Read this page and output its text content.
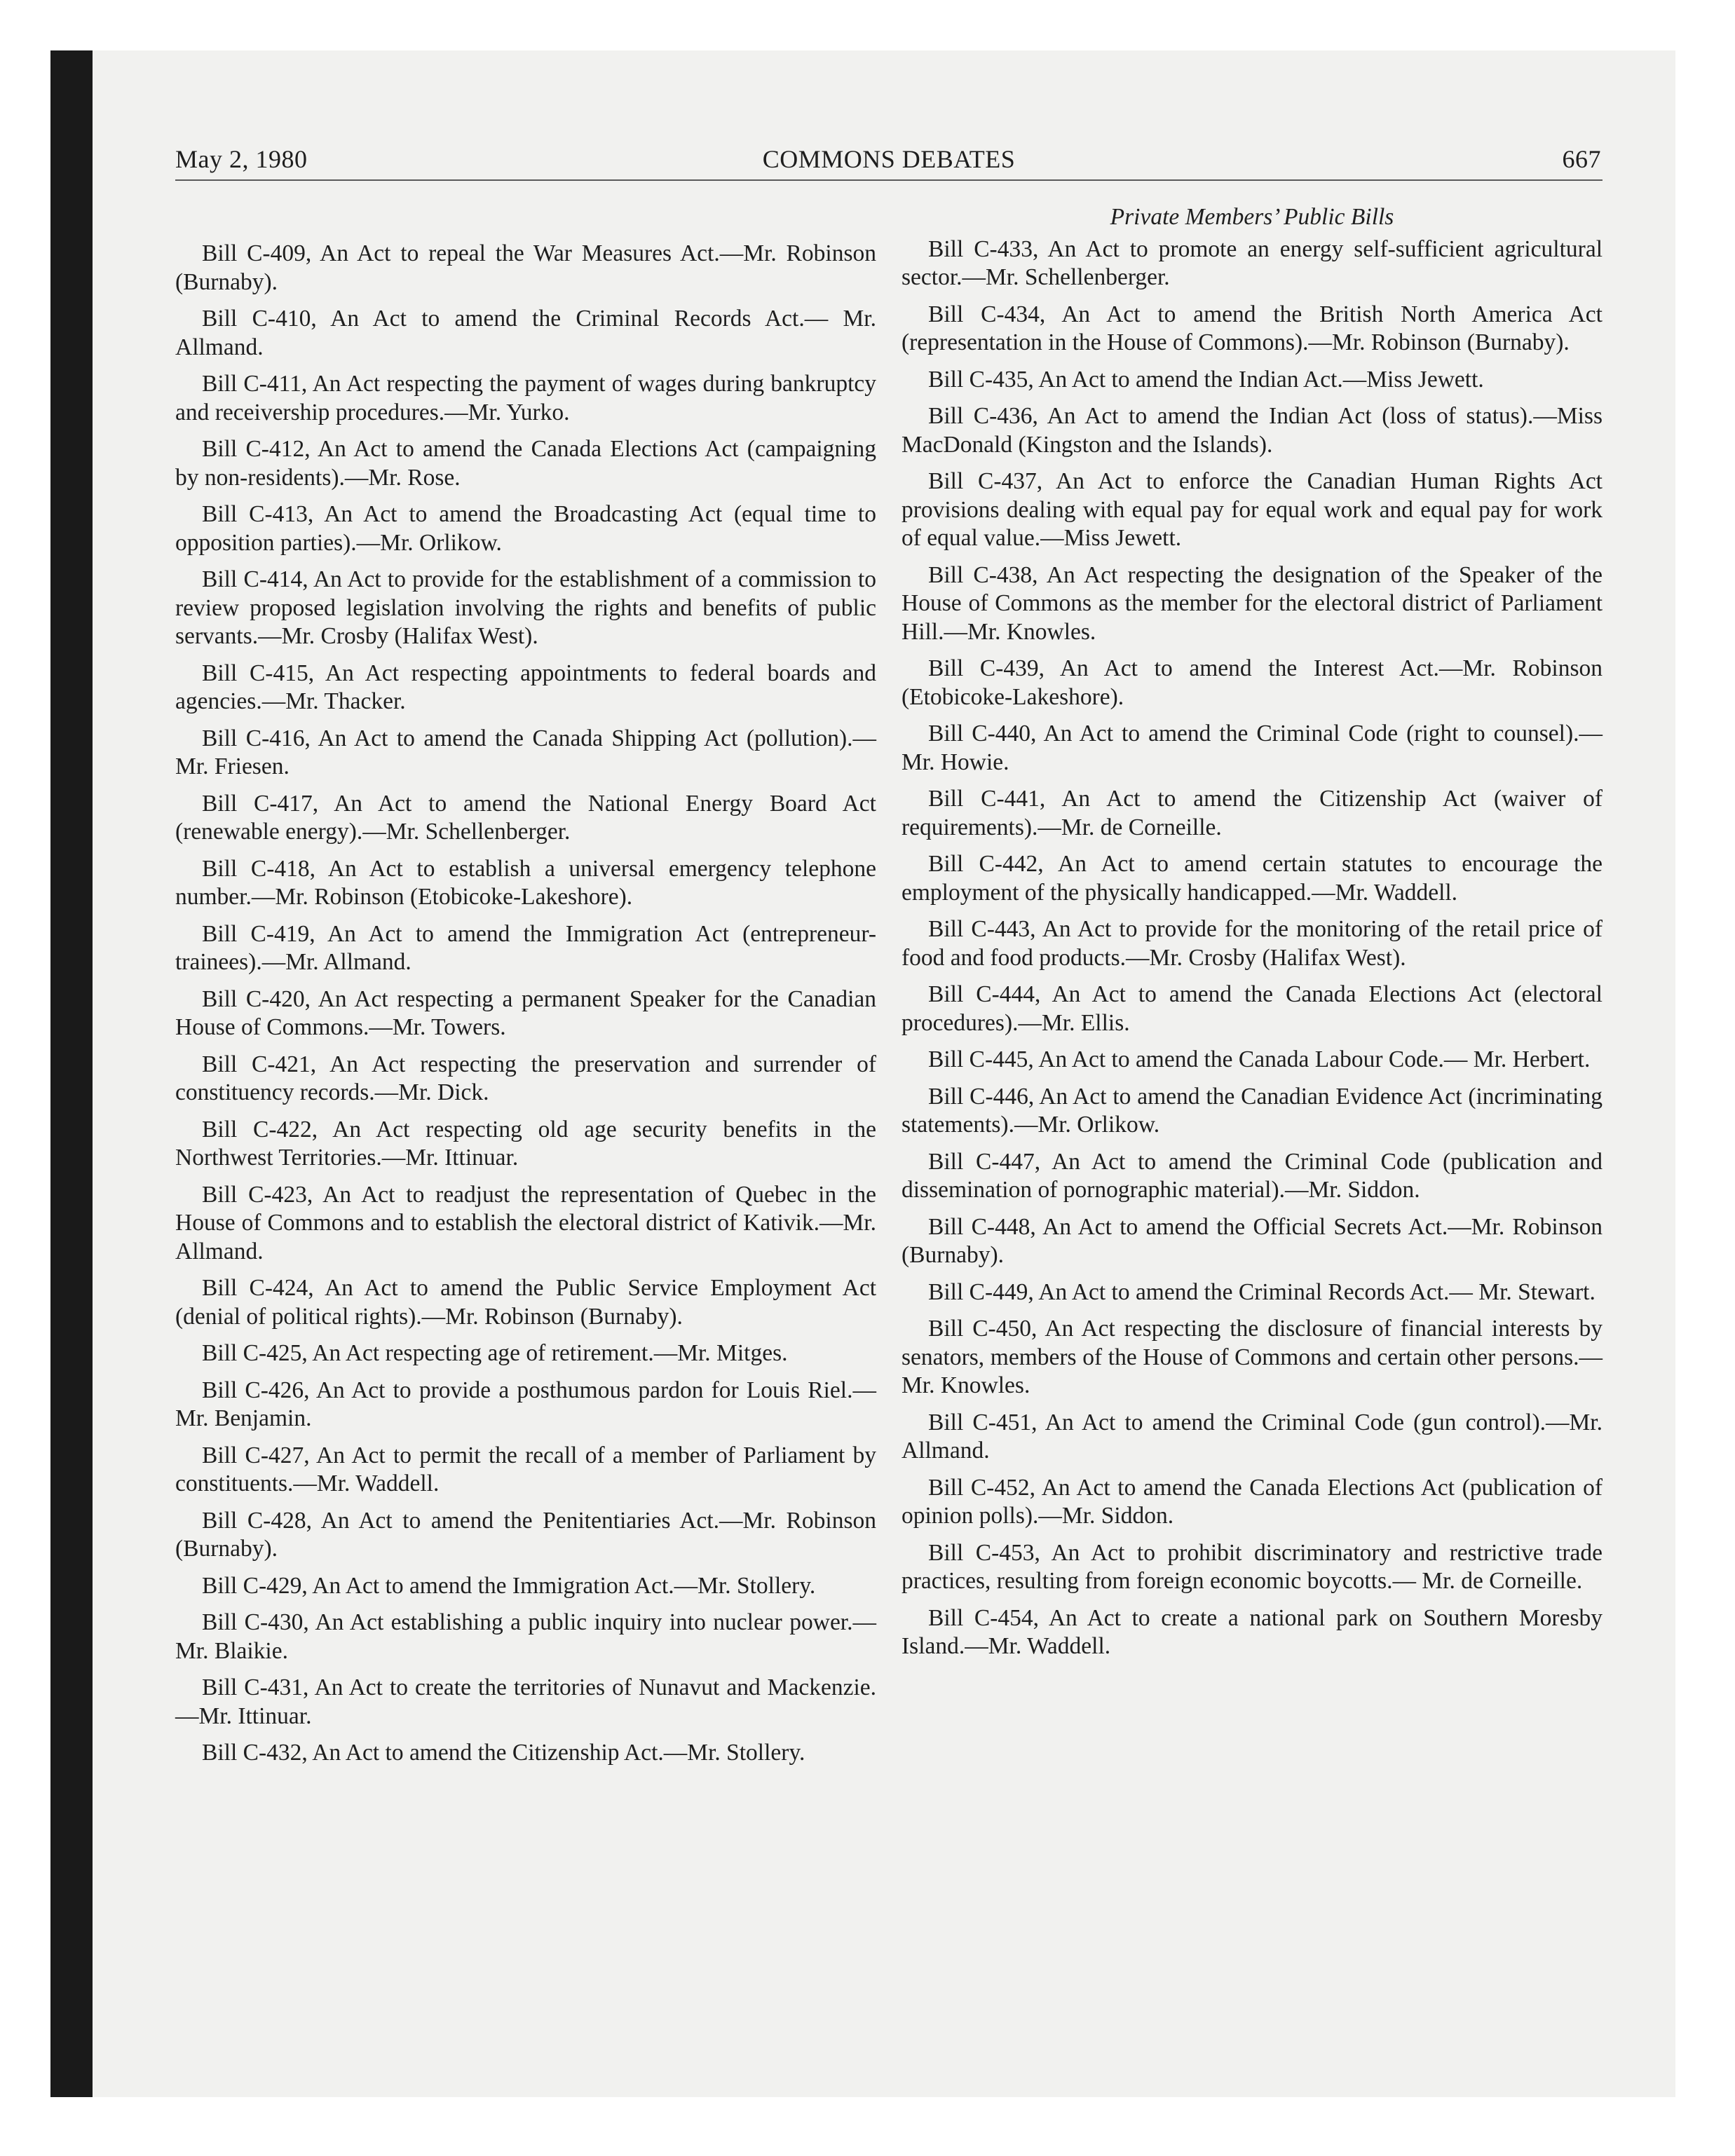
May 2, 1980	COMMONS DEBATES	667

Bill C-409, An Act to repeal the War Measures Act.—Mr. Robinson (Burnaby).

Bill C-410, An Act to amend the Criminal Records Act.— Mr. Allmand.

Bill C-411, An Act respecting the payment of wages during bankruptcy and receivership procedures.—Mr. Yurko.

Bill C-412, An Act to amend the Canada Elections Act (campaigning by non-residents).—Mr. Rose.

Bill C-413, An Act to amend the Broadcasting Act (equal time to opposition parties).—Mr. Orlikow.

Bill C-414, An Act to provide for the establishment of a commission to review proposed legislation involving the rights and benefits of public servants.—Mr. Crosby (Halifax West).

Bill C-415, An Act respecting appointments to federal boards and agencies.—Mr. Thacker.

Bill C-416, An Act to amend the Canada Shipping Act (pollution).—Mr. Friesen.

Bill C-417, An Act to amend the National Energy Board Act (renewable energy).—Mr. Schellenberger.

Bill C-418, An Act to establish a universal emergency telephone number.—Mr. Robinson (Etobicoke-Lakeshore).

Bill C-419, An Act to amend the Immigration Act (entrepreneur-trainees).—Mr. Allmand.

Bill C-420, An Act respecting a permanent Speaker for the Canadian House of Commons.—Mr. Towers.

Bill C-421, An Act respecting the preservation and surrender of constituency records.—Mr. Dick.

Bill C-422, An Act respecting old age security benefits in the Northwest Territories.—Mr. Ittinuar.

Bill C-423, An Act to readjust the representation of Quebec in the House of Commons and to establish the electoral district of Kativik.—Mr. Allmand.

Bill C-424, An Act to amend the Public Service Employment Act (denial of political rights).—Mr. Robinson (Burnaby).

Bill C-425, An Act respecting age of retirement.—Mr. Mitges.

Bill C-426, An Act to provide a posthumous pardon for Louis Riel.—Mr. Benjamin.

Bill C-427, An Act to permit the recall of a member of Parliament by constituents.—Mr. Waddell.

Bill C-428, An Act to amend the Penitentiaries Act.—Mr. Robinson (Burnaby).

Bill C-429, An Act to amend the Immigration Act.—Mr. Stollery.

Bill C-430, An Act establishing a public inquiry into nuclear power.—Mr. Blaikie.

Bill C-431, An Act to create the territories of Nunavut and Mackenzie.—Mr. Ittinuar.

Bill C-432, An Act to amend the Citizenship Act.—Mr. Stollery.

Private Members’ Public Bills

Bill C-433, An Act to promote an energy self-sufficient agricultural sector.—Mr. Schellenberger.

Bill C-434, An Act to amend the British North America Act (representation in the House of Commons).—Mr. Robinson (Burnaby).

Bill C-435, An Act to amend the Indian Act.—Miss Jewett.

Bill C-436, An Act to amend the Indian Act (loss of status).—Miss MacDonald (Kingston and the Islands).

Bill C-437, An Act to enforce the Canadian Human Rights Act provisions dealing with equal pay for equal work and equal pay for work of equal value.—Miss Jewett.

Bill C-438, An Act respecting the designation of the Speaker of the House of Commons as the member for the electoral district of Parliament Hill.—Mr. Knowles.

Bill C-439, An Act to amend the Interest Act.—Mr. Robinson (Etobicoke-Lakeshore).

Bill C-440, An Act to amend the Criminal Code (right to counsel).—Mr. Howie.

Bill C-441, An Act to amend the Citizenship Act (waiver of requirements).—Mr. de Corneille.

Bill C-442, An Act to amend certain statutes to encourage the employment of the physically handicapped.—Mr. Waddell.

Bill C-443, An Act to provide for the monitoring of the retail price of food and food products.—Mr. Crosby (Halifax West).

Bill C-444, An Act to amend the Canada Elections Act (electoral procedures).—Mr. Ellis.

Bill C-445, An Act to amend the Canada Labour Code.— Mr. Herbert.

Bill C-446, An Act to amend the Canadian Evidence Act (incriminating statements).—Mr. Orlikow.

Bill C-447, An Act to amend the Criminal Code (publication and dissemination of pornographic material).—Mr. Siddon.

Bill C-448, An Act to amend the Official Secrets Act.—Mr. Robinson (Burnaby).

Bill C-449, An Act to amend the Criminal Records Act.— Mr. Stewart.

Bill C-450, An Act respecting the disclosure of financial interests by senators, members of the House of Commons and certain other persons.—Mr. Knowles.

Bill C-451, An Act to amend the Criminal Code (gun control).—Mr. Allmand.

Bill C-452, An Act to amend the Canada Elections Act (publication of opinion polls).—Mr. Siddon.

Bill C-453, An Act to prohibit discriminatory and restrictive trade practices, resulting from foreign economic boycotts.— Mr. de Corneille.

Bill C-454, An Act to create a national park on Southern Moresby Island.—Mr. Waddell.
